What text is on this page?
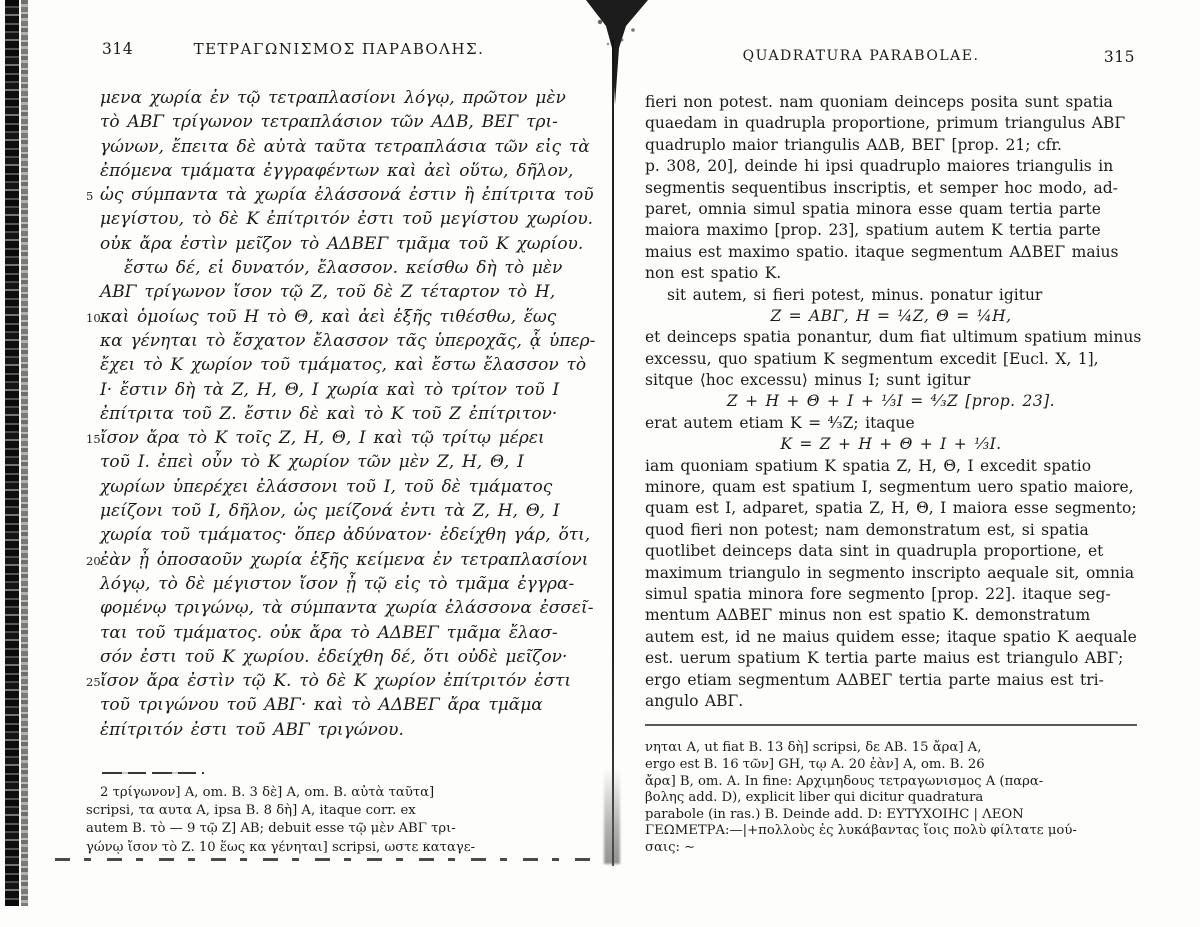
314	ΤΕΤΡΑΓΩΝΙΣΜΟΣ ΠΑΡΑΒΟΛΗΣ.
μενα χωρία ἐν τῷ τετραπλασίονι λόγῳ, πρῶτον μὲν
τὸ ΑΒΓ τρίγωνον τετραπλάσιον τῶν ΑΔΒ, ΒΕΓ τρι-
γώνων, ἔπειτα δὲ αὐτὰ ταῦτα τετραπλάσια τῶν εἰς τὰ
ἐπόμενα τμάματα ἐγγραφέντων καὶ ἀεὶ οὕτω, δῆλον,
5 ὡς σύμπαντα τὰ χωρία ἐλάσσονά ἐστιν ἢ ἐπίτριτα τοῦ
μεγίστου, τὸ δὲ Κ ἐπίτριτόν ἐστι τοῦ μεγίστου χωρίου.
οὐκ ἄρα ἐστὶν μεῖζον τὸ ΑΔΒΕΓ τμᾶμα τοῦ Κ χωρίου.
ἔστω δέ, εἰ δυνατόν, ἔλασσον. κείσθω δὴ τὸ μὲν
ΑΒΓ τρίγωνον ἴσον τῷ Ζ, τοῦ δὲ Ζ τέταρτον τὸ Η,
10 καὶ ὁμοίως τοῦ Η τὸ Θ, καὶ ἀεὶ ἑξῆς τιθέσθω, ἕως
κα γένηται τὸ ἔσχατον ἔλασσον τᾶς ὑπεροχᾶς, ᾇ ὑπερ-
ἔχει τὸ Κ χωρίον τοῦ τμάματος, καὶ ἔστω ἔλασσον τὸ
Ι· ἔστιν δὴ τὰ Ζ, Η, Θ, Ι χωρία καὶ τὸ τρίτον τοῦ Ι
ἐπίτριτα τοῦ Ζ. ἔστιν δὲ καὶ τὸ Κ τοῦ Ζ ἐπίτριτον·
15 ἴσον ἄρα τὸ Κ τοῖς Ζ, Η, Θ, Ι καὶ τῷ τρίτῳ μέρει
τοῦ Ι. ἐπεὶ οὖν τὸ Κ χωρίον τῶν μὲν Ζ, Η, Θ, Ι
χωρίων ὑπερέχει ἐλάσσονι τοῦ Ι, τοῦ δὲ τμάματος
μείζονι τοῦ Ι, δῆλον, ὡς μείζονά ἐντι τὰ Ζ, Η, Θ, Ι
χωρία τοῦ τμάματος· ὅπερ ἀδύνατον· ἐδείχθη γάρ, ὅτι,
20 ἐὰν ᾖ ὁποσαοῦν χωρία ἑξῆς κείμενα ἐν τετραπλασίονι
λόγῳ, τὸ δὲ μέγιστον ἴσον ᾖ τῷ εἰς τὸ τμᾶμα ἐγγρα-
φομένῳ τριγώνῳ, τὰ σύμπαντα χωρία ἐλάσσονα ἐσσεῖ-
ται τοῦ τμάματος. οὐκ ἄρα τὸ ΑΔΒΕΓ τμᾶμα ἔλασ-
σόν ἐστι τοῦ Κ χωρίου. ἐδείχθη δέ, ὅτι οὐδὲ μεῖζον·
25 ἴσον ἄρα ἐστὶν τῷ Κ. τὸ δὲ Κ χωρίον ἐπίτριτόν ἐστι
τοῦ τριγώνου τοῦ ΑΒΓ· καὶ τὸ ΑΔΒΕΓ ἄρα τμᾶμα
ἐπίτριτόν ἐστι τοῦ ΑΒΓ τριγώνου.
2 τρίγωνον] Α, om. B. 3 δὲ] Α, om. B. αὐτὰ ταῦτα]
scripsi, τα αυτα Α, ipsa B. 8 δὴ] Α, itaque corr. ex
autem B. τὸ — 9 τῷ Ζ] ΑB; debuit esse τῷ μὲν ΑΒΓ τρι-
γώνῳ ἴσον τὸ Ζ. 10 ἕως κα γένηται] scripsi, ωστε καταγε-
QUADRATURA PARABOLAE.	315
fieri non potest. nam quoniam deinceps posita sunt spatia
quaedam in quadrupla proportione, primum triangulus ΑΒΓ
quadruplo maior triangulis ΑΔΒ, ΒΕΓ [prop. 21; cfr.
p. 308, 20], deinde hi ipsi quadruplo maiores triangulis in
segmentis sequentibus inscriptis, et semper hoc modo, ad-
paret, omnia simul spatia minora esse quam tertia parte
maiora maximo [prop. 23], spatium autem K tertia parte
maius est maximo spatio. itaque segmentum ΑΔΒΕΓ maius
non est spatio K.
sit autem, si fieri potest, minus. ponatur igitur
Z = ΑΒΓ, H = ¼Z, Θ = ¼H,
et deinceps spatia ponantur, dum fiat ultimum spatium minus
excessu, quo spatium K segmentum excedit [Eucl. X, 1],
sitque ⟨hoc excessu⟩ minus I; sunt igitur
Z + H + Θ + I + ⅓I = ⁴⁄₃Z [prop. 23].
erat autem etiam K = ⁴⁄₃Z; itaque
K = Z + H + Θ + I + ⅓I.
iam quoniam spatium K spatia Z, H, Θ, I excedit spatio
minore, quam est spatium I, segmentum uero spatio maiore,
quam est I, adparet, spatia Z, H, Θ, I maiora esse segmento;
quod fieri non potest; nam demonstratum est, si spatia
quotlibet deinceps data sint in quadrupla proportione, et
maximum triangulo in segmento inscripto aequale sit, omnia
simul spatia minora fore segmento [prop. 22]. itaque seg-
mentum ΑΔΒΕΓ minus non est spatio K. demonstratum
autem est, id ne maius quidem esse; itaque spatio K aequale
est. uerum spatium K tertia parte maius est triangulo ΑΒΓ;
ergo etiam segmentum ΑΔΒΕΓ tertia parte maius est tri-
angulo ΑΒΓ.
νηται Α, ut fiat B. 13 δὴ] scripsi, δε ΑB. 15 ἄρα] Α,
ergo est B. 16 τῶν] GH, τῳ Α. 20 ἐὰν] Α, om. B. 26
ἄρα] B, om. Α. In fine: Αρχιμηδους τετραγωνισμος Α (παρα-
βολης add. D), explicit liber qui dicitur quadratura
parabole (in ras.) B. Deinde add. D: ΕΥΤΥΧΟΙΗC | ΛΕΟΝ
ΓΕΩΜΕΤΡΑ:—|+πολλοὺς ἐς λυκάβαντας ἴοις πολὺ φίλτατε μού-
σαις: ∼
